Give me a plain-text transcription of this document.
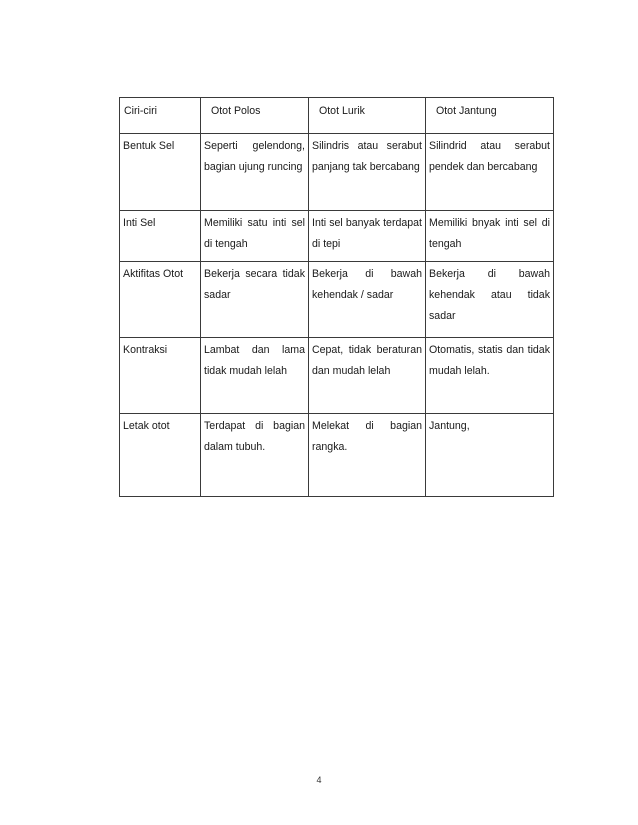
Ciri-ciri	Otot Polos	Otot Lurik	Otot Jantung
Bentuk Sel	Seperti gelendong, bagian ujung runcing	Silindris atau serabut panjang tak bercabang	Silindrid atau serabut pendek dan bercabang
Inti Sel	Memiliki satu inti sel di tengah	Inti sel banyak terdapat di tepi	Memiliki bnyak inti sel di tengah
Aktifitas Otot	Bekerja secara tidak sadar	Bekerja di bawah kehendak / sadar	Bekerja di bawah kehendak atau tidak sadar
Kontraksi	Lambat dan lama tidak mudah lelah	Cepat, tidak beraturan dan mudah lelah	Otomatis, statis dan tidak mudah lelah.
Letak otot	Terdapat di bagian dalam tubuh.	Melekat di bagian rangka.	Jantung,
4
